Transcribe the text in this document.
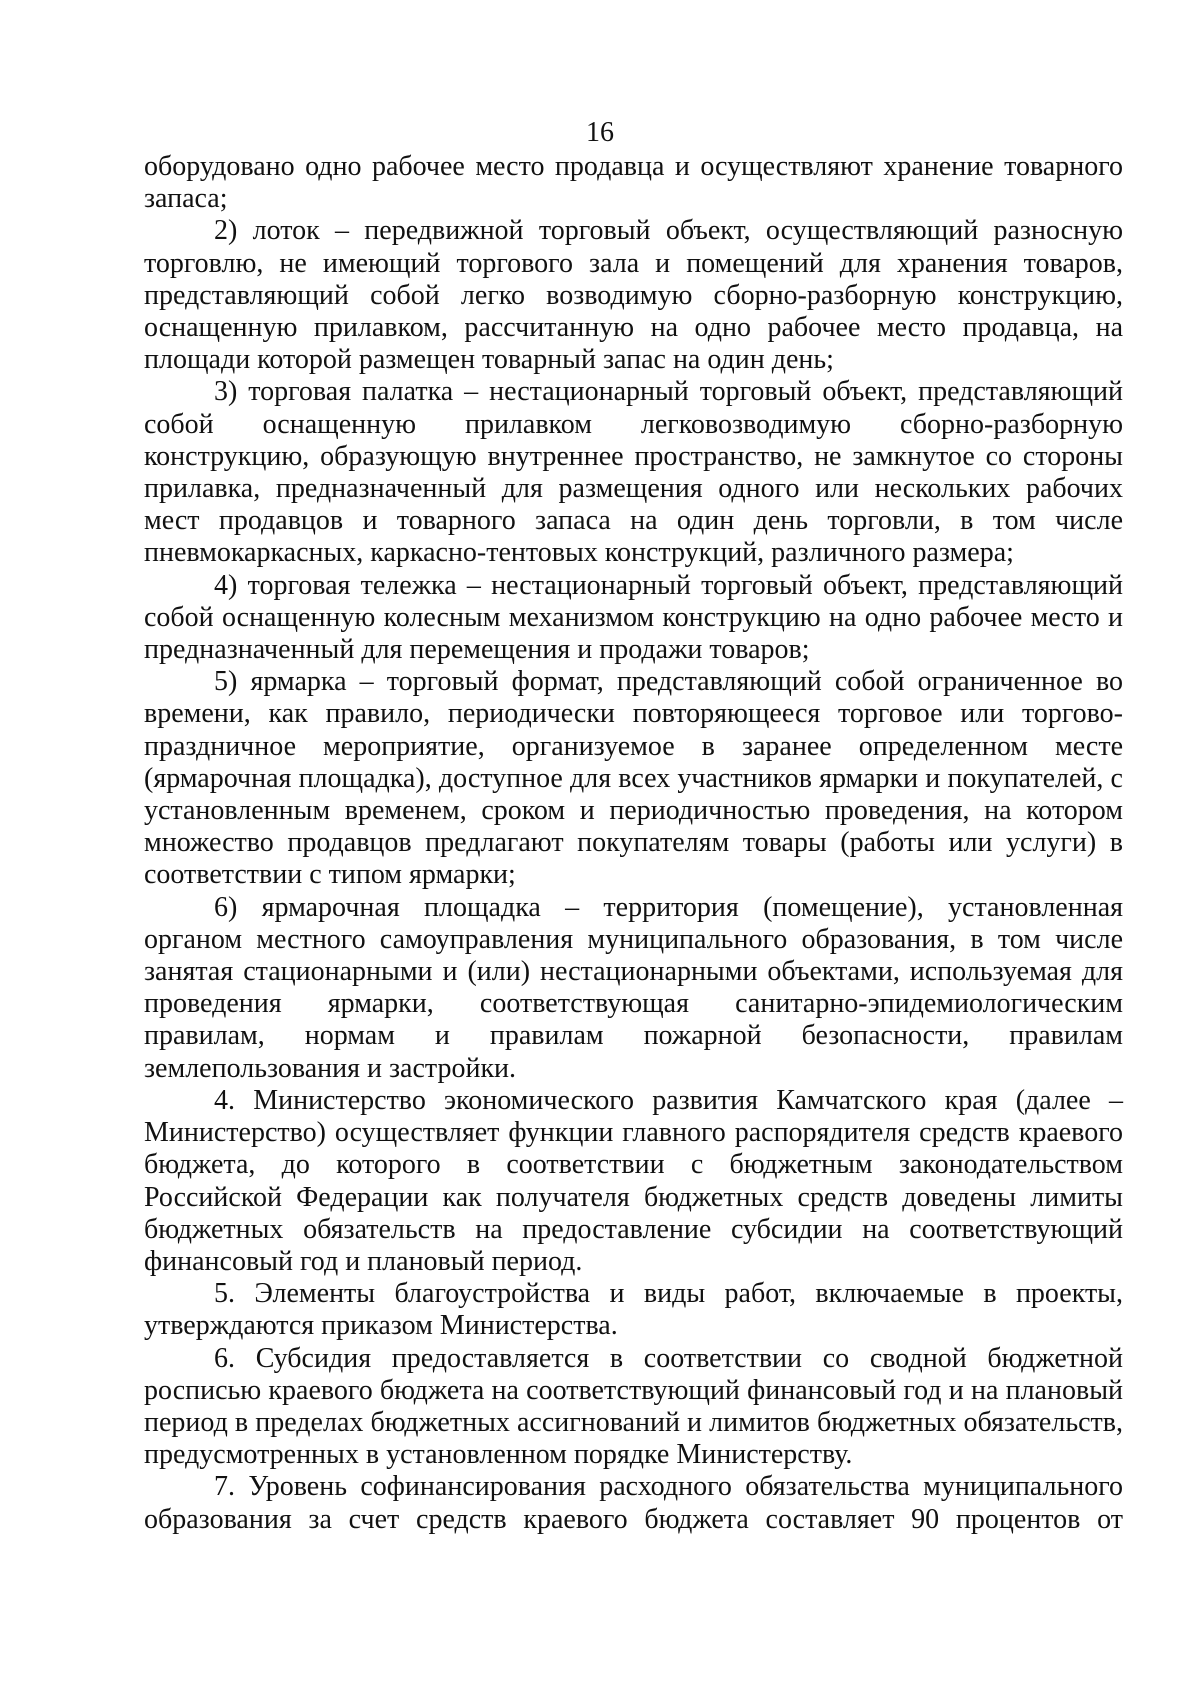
16

оборудовано одно рабочее место продавца и осуществляют хранение товарного запаса;

2) лоток – передвижной торговый объект, осуществляющий разносную торговлю, не имеющий торгового зала и помещений для хранения товаров, представляющий собой легко возводимую сборно-разборную конструкцию, оснащенную прилавком, рассчитанную на одно рабочее место продавца, на площади которой размещен товарный запас на один день;

3) торговая палатка – нестационарный торговый объект, представляющий собой оснащенную прилавком легковозводимую сборно-разборную конструкцию, образующую внутреннее пространство, не замкнутое со стороны прилавка, предназначенный для размещения одного или нескольких рабочих мест продавцов и товарного запаса на один день торговли, в том числе пневмокаркасных, каркасно-тентовых конструкций, различного размера;

4) торговая тележка – нестационарный торговый объект, представляющий собой оснащенную колесным механизмом конструкцию на одно рабочее место и предназначенный для перемещения и продажи товаров;

5) ярмарка – торговый формат, представляющий собой ограниченное во времени, как правило, периодически повторяющееся торговое или торгово-праздничное мероприятие, организуемое в заранее определенном месте (ярмарочная площадка), доступное для всех участников ярмарки и покупателей, с установленным временем, сроком и периодичностью проведения, на котором множество продавцов предлагают покупателям товары (работы или услуги) в соответствии с типом ярмарки;

6) ярмарочная площадка – территория (помещение), установленная органом местного самоуправления муниципального образования, в том числе занятая стационарными и (или) нестационарными объектами, используемая для проведения ярмарки, соответствующая санитарно-эпидемиологическим правилам, нормам и правилам пожарной безопасности, правилам землепользования и застройки.

4. Министерство экономического развития Камчатского края (далее – Министерство) осуществляет функции главного распорядителя средств краевого бюджета, до которого в соответствии с бюджетным законодательством Российской Федерации как получателя бюджетных средств доведены лимиты бюджетных обязательств на предоставление субсидии на соответствующий финансовый год и плановый период.

5. Элементы благоустройства и виды работ, включаемые в проекты, утверждаются приказом Министерства.

6. Субсидия предоставляется в соответствии со сводной бюджетной росписью краевого бюджета на соответствующий финансовый год и на плановый период в пределах бюджетных ассигнований и лимитов бюджетных обязательств, предусмотренных в установленном порядке Министерству.

7. Уровень софинансирования расходного обязательства муниципального образования за счет средств краевого бюджета составляет 90 процентов от
